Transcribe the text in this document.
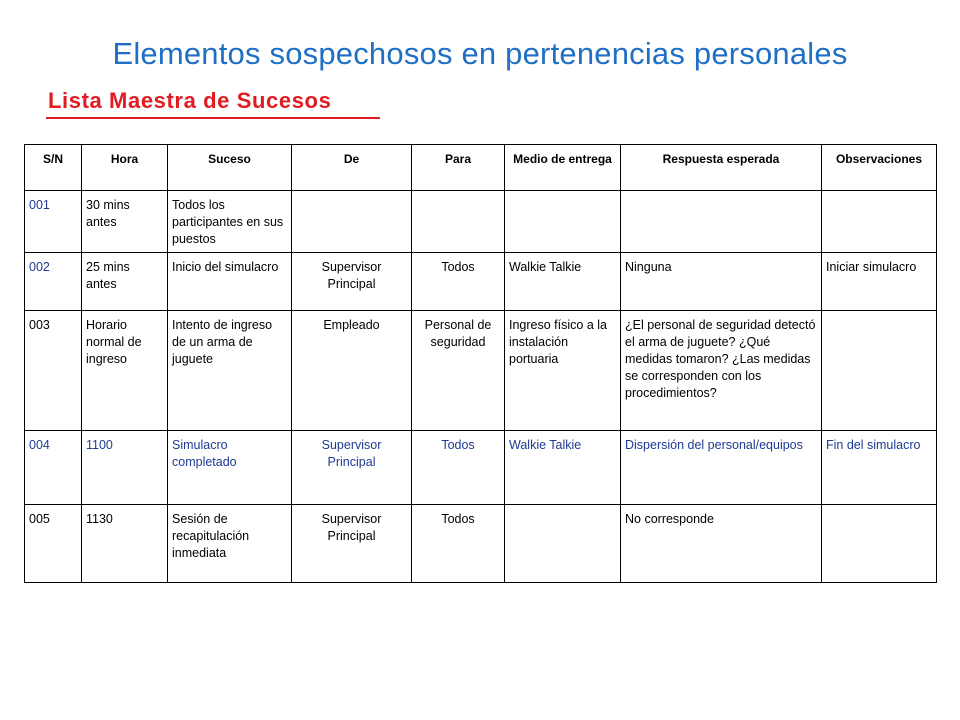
Elementos sospechosos en pertenencias personales
Lista Maestra de Sucesos
S/N	Hora	Suceso	De	Para	Medio de entrega	Respuesta esperada	Observaciones
001	30 mins antes	Todos los participantes en sus puestos					
002	25 mins antes	Inicio del simulacro	Supervisor Principal	Todos	Walkie Talkie	Ninguna	Iniciar simulacro
003	Horario normal de ingreso	Intento de ingreso de un arma de juguete	Empleado	Personal de seguridad	Ingreso físico a la instalación portuaria	¿El personal de seguridad detectó el arma de juguete? ¿Qué medidas tomaron? ¿Las medidas se corresponden con los procedimientos?	
004	1100	Simulacro completado	Supervisor Principal	Todos	Walkie Talkie	Dispersión del personal/equipos	Fin del simulacro
005	1130	Sesión de recapitulación inmediata	Supervisor Principal	Todos		No corresponde	
